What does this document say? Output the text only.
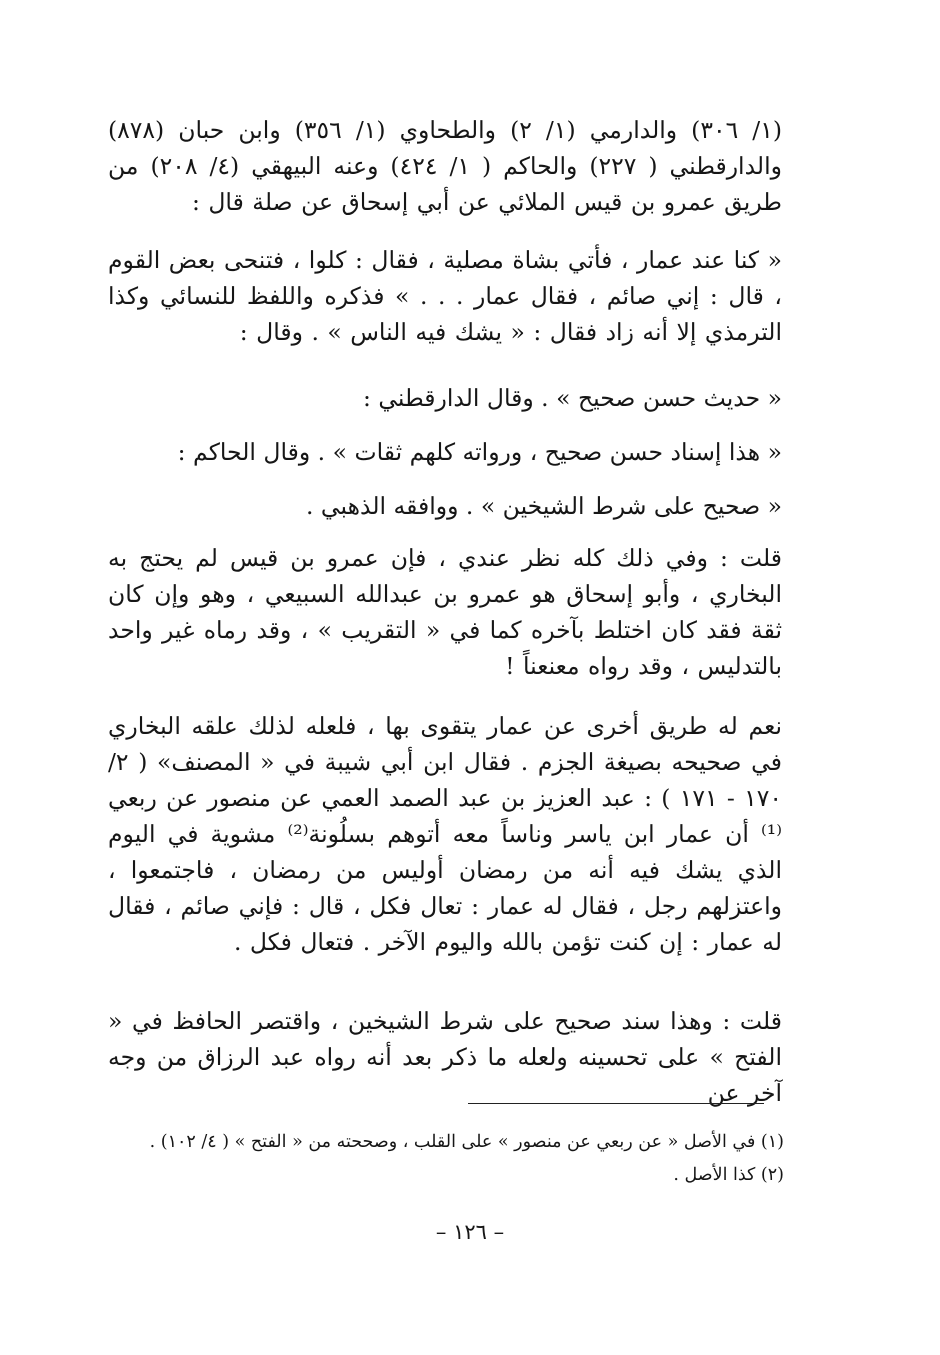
(١/ ٣٠٦) والدارمي (١/ ٢) والطحاوي (١/ ٣٥٦) وابن حبان (٨٧٨) والدارقطني ( ٢٢٧) والحاكم ( ١/ ٤٢٤) وعنه البيهقي (٤/ ٢٠٨) من طريق عمرو بن قيس الملائي عن أبي إسحاق عن صلة قال :

« كنا عند عمار ، فأتي بشاة مصلية ، فقال : كلوا ، فتنحى بعض القوم ، قال : إني صائم ، فقال عمار . . . » فذكره واللفظ للنسائي وكذا الترمذي إلا أنه زاد فقال : « يشك فيه الناس » . وقال :

« حديث حسن صحيح » . وقال الدارقطني :

« هذا إسناد حسن صحيح ، ورواته كلهم ثقات » . وقال الحاكم :

« صحيح على شرط الشيخين » . ووافقه الذهبي .

قلت : وفي ذلك كله نظر عندي ، فإن عمرو بن قيس لم يحتج به البخاري ، وأبو إسحاق هو عمرو بن عبدالله السبيعي ، وهو وإن كان ثقة فقد كان اختلط بآخره كما في « التقريب » ، وقد رماه غير واحد بالتدليس ، وقد رواه معنعناً !

نعم له طريق أخرى عن عمار يتقوى بها ، فلعله لذلك علقه البخاري في صحيحه بصيغة الجزم . فقال ابن أبي شيبة في « المصنف» ( ٢/ ١٧٠ - ١٧١ ) : عبد العزيز بن عبد الصمد العمي عن منصور عن ربعي ⁽¹⁾ أن عمار ابن ياسر وناساً معه أتوهم بسلُونة⁽²⁾ مشوية في اليوم الذي يشك فيه أنه من رمضان أوليس من رمضان ، فاجتمعوا ، واعتزلهم رجل ، فقال له عمار : تعال فكل ، قال : فإني صائم ، فقال له عمار : إن كنت تؤمن بالله واليوم الآخر . فتعال فكل .

قلت : وهذا سند صحيح على شرط الشيخين ، واقتصر الحافظ في « الفتح » على تحسينه ولعله ما ذكر بعد أنه رواه عبد الرزاق من وجه آخر عن

(١) في الأصل « عن ربعي عن منصور » على القلب ، وصححته من « الفتح » ( ٤/ ١٠٢) .

(٢) كذا الأصل .

– ١٢٦ –
